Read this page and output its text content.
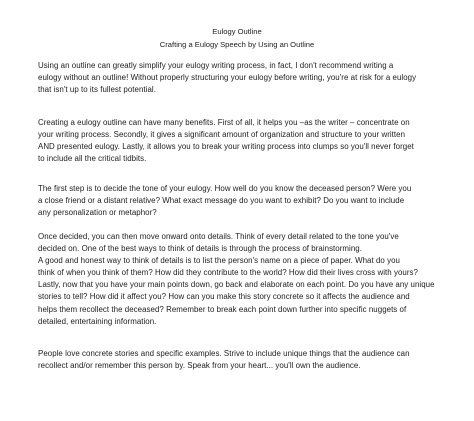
Eulogy Outline
Crafting a Eulogy Speech by Using an Outline
Using an outline can greatly simplify your eulogy writing process, in fact, I don't recommend writing a
eulogy without an outline! Without properly structuring your eulogy before writing, you're at risk for a eulogy
that isn't up to its fullest potential.
Creating a eulogy outline can have many benefits. First of all, it helps you –as the writer – concentrate on
your writing process. Secondly, it gives a significant amount of organization and structure to your written
AND presented eulogy. Lastly, it allows you to break your writing process into clumps so you'll never forget
to include all the critical tidbits.
The first step is to decide the tone of your eulogy. How well do you know the deceased person? Were you
a close friend or a distant relative? What exact message do you want to exhibit? Do you want to include
any personalization or metaphor?
Once decided, you can then move onward onto details. Think of every detail related to the tone you've
decided on. One of the best ways to think of details is through the process of brainstorming.
A good and honest way to think of details is to list the person's name on a piece of paper. What do you
think of when you think of them? How did they contribute to the world? How did their lives cross with yours?
Lastly, now that you have your main points down, go back and elaborate on each point. Do you have any unique
stories to tell? How did it affect you? How can you make this story concrete so it affects the audience and
helps them recollect the deceased? Remember to break each point down further into specific nuggets of
detailed, entertaining information.
People love concrete stories and specific examples. Strive to include unique things that the audience can
recollect and/or remember this person by. Speak from your heart... you'll own the audience.
